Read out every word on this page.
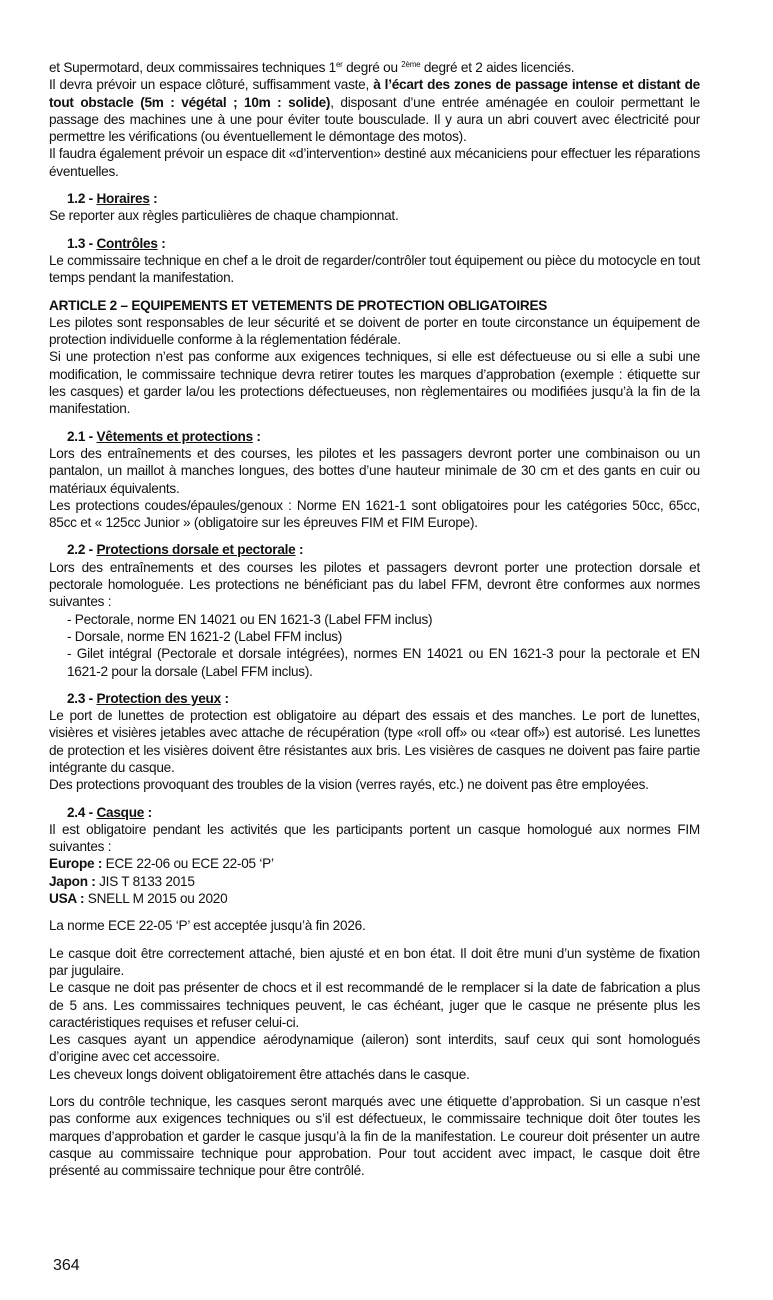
et Supermotard, deux commissaires techniques 1er degré ou $^{2ème}$ degré et 2 aides licenciés.

Il devra prévoir un espace clôturé, suffisamment vaste, à l’écart des zones de passage intense et distant de tout obstacle (5m : végétal ; 10m : solide), disposant d’une entrée aménagée en couloir permettant le passage des machines une à une pour éviter toute bousculade. Il y aura un abri couvert avec électricité pour permettre les vérifications (ou éventuellement le démontage des motos).

Il faudra également prévoir un espace dit «d’intervention» destiné aux mécaniciens pour effectuer les réparations éventuelles.

1.2 - Horaires :

Se reporter aux règles particulières de chaque championnat.

1.3 - Contrôles :

Le commissaire technique en chef a le droit de regarder/contrôler tout équipement ou pièce du motocycle en tout temps pendant la manifestation.

ARTICLE 2 – EQUIPEMENTS ET VETEMENTS DE PROTECTION OBLIGATOIRES

Les pilotes sont responsables de leur sécurité et se doivent de porter en toute circonstance un équipement de protection individuelle conforme à la réglementation fédérale.

Si une protection n’est pas conforme aux exigences techniques, si elle est défectueuse ou si elle a subi une modification, le commissaire technique devra retirer toutes les marques d’approbation (exemple : étiquette sur les casques) et garder la/ou les protections défectueuses, non règlementaires ou modifiées jusqu’à la fin de la manifestation.

2.1 - Vêtements et protections :

Lors des entraînements et des courses, les pilotes et les passagers devront porter une combinaison ou un pantalon, un maillot à manches longues, des bottes d’une hauteur minimale de 30 cm et des gants en cuir ou matériaux équivalents.

Les protections coudes/épaules/genoux : Norme EN 1621-1 sont obligatoires pour les catégories 50cc, 65cc, 85cc et « 125cc Junior » (obligatoire sur les épreuves FIM et FIM Europe).

2.2 - Protections dorsale et pectorale :

Lors des entraînements et des courses les pilotes et passagers devront porter une protection dorsale et pectorale homologuée. Les protections ne bénéficiant pas du label FFM, devront être conformes aux normes suivantes :

- Pectorale, norme EN 14021 ou EN 1621-3 (Label FFM inclus)

- Dorsale, norme EN 1621-2 (Label FFM inclus)

- Gilet intégral (Pectorale et dorsale intégrées), normes EN 14021 ou EN 1621-3 pour la pectorale et EN 1621-2 pour la dorsale (Label FFM inclus).

2.3 - Protection des yeux :

Le port de lunettes de protection est obligatoire au départ des essais et des manches. Le port de lunettes, visières et visières jetables avec attache de récupération (type «roll off» ou «tear off») est autorisé. Les lunettes de protection et les visières doivent être résistantes aux bris. Les visières de casques ne doivent pas faire partie intégrante du casque.

Des protections provoquant des troubles de la vision (verres rayés, etc.) ne doivent pas être employées.

2.4 - Casque :

Il est obligatoire pendant les activités que les participants portent un casque homologué aux normes FIM suivantes :

Europe : ECE 22-06 ou ECE 22-05 ‘P’

Japon : JIS T 8133 2015

USA : SNELL M 2015 ou 2020

La norme ECE 22-05 ‘P’ est acceptée jusqu’à fin 2026.

Le casque doit être correctement attaché, bien ajusté et en bon état. Il doit être muni d’un système de fixation par jugulaire.

Le casque ne doit pas présenter de chocs et il est recommandé de le remplacer si la date de fabrication a plus de 5 ans. Les commissaires techniques peuvent, le cas échéant, juger que le casque ne présente plus les caractéristiques requises et refuser celui-ci.

Les casques ayant un appendice aérodynamique (aileron) sont interdits, sauf ceux qui sont homologués d’origine avec cet accessoire.

Les cheveux longs doivent obligatoirement être attachés dans le casque.

Lors du contrôle technique, les casques seront marqués avec une étiquette d’approbation. Si un casque n’est pas conforme aux exigences techniques ou s’il est défectueux, le commissaire technique doit ôter toutes les marques d’approbation et garder le casque jusqu’à la fin de la manifestation. Le coureur doit présenter un autre casque au commissaire technique pour approbation. Pour tout accident avec impact, le casque doit être présenté au commissaire technique pour être contrôlé.

364
